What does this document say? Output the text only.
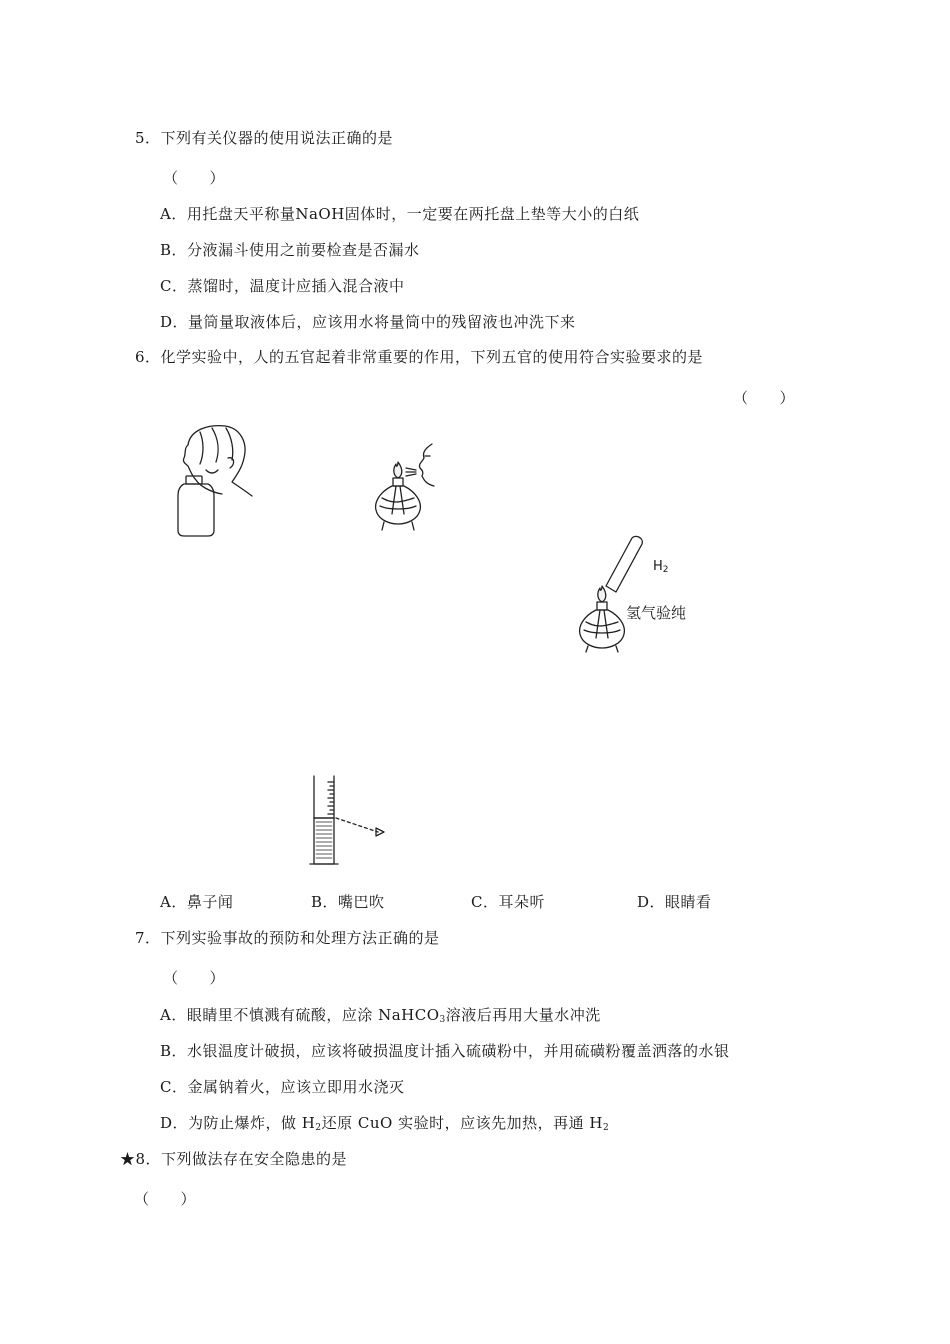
5．下列有关仪器的使用说法正确的是
（　　）
A．用托盘天平称量NaOH固体时，一定要在两托盘上垫等大小的白纸
B．分液漏斗使用之前要检查是否漏水
C．蒸馏时，温度计应插入混合液中
D．量筒量取液体后，应该用水将量筒中的残留液也冲洗下来
6．化学实验中，人的五官起着非常重要的作用，下列五官的使用符合实验要求的是
（　　）
$H_2$
氢气验纯
A．鼻子闻	B．嘴巴吹	C．耳朵听	D．眼睛看
7．下列实验事故的预防和处理方法正确的是
（　　）
A．眼睛里不慎溅有硫酸，应涂 NaHCO$_3$溶液后再用大量水冲洗
B．水银温度计破损，应该将破损温度计插入硫磺粉中，并用硫磺粉覆盖洒落的水银
C．金属钠着火，应该立即用水浇灭
D．为防止爆炸，做 $H_2$还原 CuO 实验时，应该先加热，再通 $H_2$
★8．下列做法存在安全隐患的是
（　　）
